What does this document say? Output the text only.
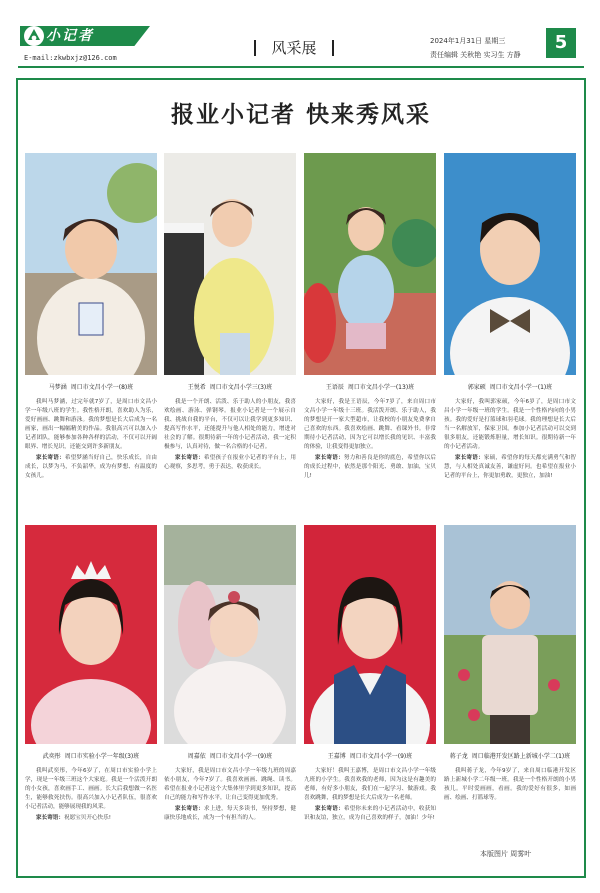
小记者
E-mail:zkwbxjz@126.com
风采展	2024年1月31日 星期三
责任编辑 关秋艳 实习生 方静
5
报业小记者 快来秀风采
马梦涵 周口市文昌小学一(8)班
我叫马梦涵，过完年就7岁了，是周口市文昌小学一年级八班的学生。我性格开朗，喜欢助人为乐，爱好画画、跳舞和游泳。我的梦想是长大后成为一名画家，画出一幅幅精美的作品。我很高兴可以加入小记者团队，能够参加各种各样的活动，不仅可以开阔眼界、增长见识，还能交到许多新朋友。
家长寄语：希望梦涵当好自己，快乐成长，自由成长，以梦为马，不负韶华，成为有梦想、有温度的女孩儿。
王悦希 周口市文昌小学三(3)班
我是一个开朗、活泼、乐于助人的小朋友，我喜欢绘画、游泳、弹钢琴。报业小记者是一个展示自我、挑战自我的平台，不仅可以让我学到更多知识、提高写作水平，还能提升与他人相处的能力，增进对社会的了解。很期待新一年的小记者活动，我一定积极参与，认真对待，做一名合格的小记者。
家长寄语：希望孩子在报业小记者的平台上，用心观察，多思考，勇于表达，收获成长。
王语辰 周口市文昌小学一(13)班
大家好，我是王语辰，今年7岁了，来自周口市文昌小学一年级十三班。我活泼开朗、乐于助人，我的梦想是开一家大型超市，让我校的小朋友免费拿自己喜欢的东西。我喜欢绘画、跳舞、看课外书。非常期待小记者活动，因为它可以增长我的见识、丰富我的体验，让我变得更加独立。
家长寄语：努力和善良是你的底色，希望你以后的成长过程中，依然是那个阳光、勇敢、加油，宝贝儿!
郭家硕 周口市文昌小学一(1)班
大家好，我叫郭家硕，今年6岁了，是周口市文昌小学一年级一班的学生。我是一个性格内向的小男孩。我的爱好是打篮球和羽毛球。我的理想是长大后当一名解放军，保家卫国。参加小记者活动可以交到很多朋友，还能锻炼胆量，增长知识。很期待新一年的小记者活动。
家长寄语：家硕，希望你的每天都充满勇气和智慧，与人相处真诚友善，谦虚好问。也希望在报业小记者的平台上，你更加勇敢，更独立，加油!
武奕彤 周口市实验小学一年级(3)班
我叫武奕彤，今年6岁了，在周口市实验小学上学，现是一年级三班这个大家庭。我是一个活泼开朗的小女孩，喜欢画手工、画画。长大后我想做一名医生，能够救死扶伤。很高兴加入小记者队伍，很喜欢小记者活动，能够展现我的风采。
家长寄语：祝愿宝贝开心快乐!
周嘉依 周口市文昌小学一(9)班
大家好，我是周口市文昌小学一年级九班的周嘉依小朋友，今年7岁了。我喜欢画画、跳绳、读书。希望在报业小记者这个大集体里学到更多知识，提高自己的能力和写作水平，让自己变得更加优秀。
家长寄语：求上进，每天多读书，坚持梦想，健康快乐地成长，成为一个有担当的人。
王嘉博 周口市文昌小学一(9)班
大家好！我叫王嘉博，是周口市文昌小学一年级九班的小学生。我喜欢我的老师，因为这是有趣美的老师，有好多小朋友，我们在一起学习、做游戏。我喜欢跳舞，我的梦想是长大后成为一名老师。
家长寄语：希望你未来的小记者活动中，收获知识和友谊，独立，成为自己喜欢的样子，加油！少年!
蒋子龙 周口临港开发区路上新城小学二(1)班
我叫蒋子龙，今年9岁了，来自周口临港开发区路上新城小学二年级一班。我是一个性格开朗的小男孩儿。平时爱画画，看画。我的爱好有很多，如画画、绘画、打篮球等。
本版图片 周雾叶
